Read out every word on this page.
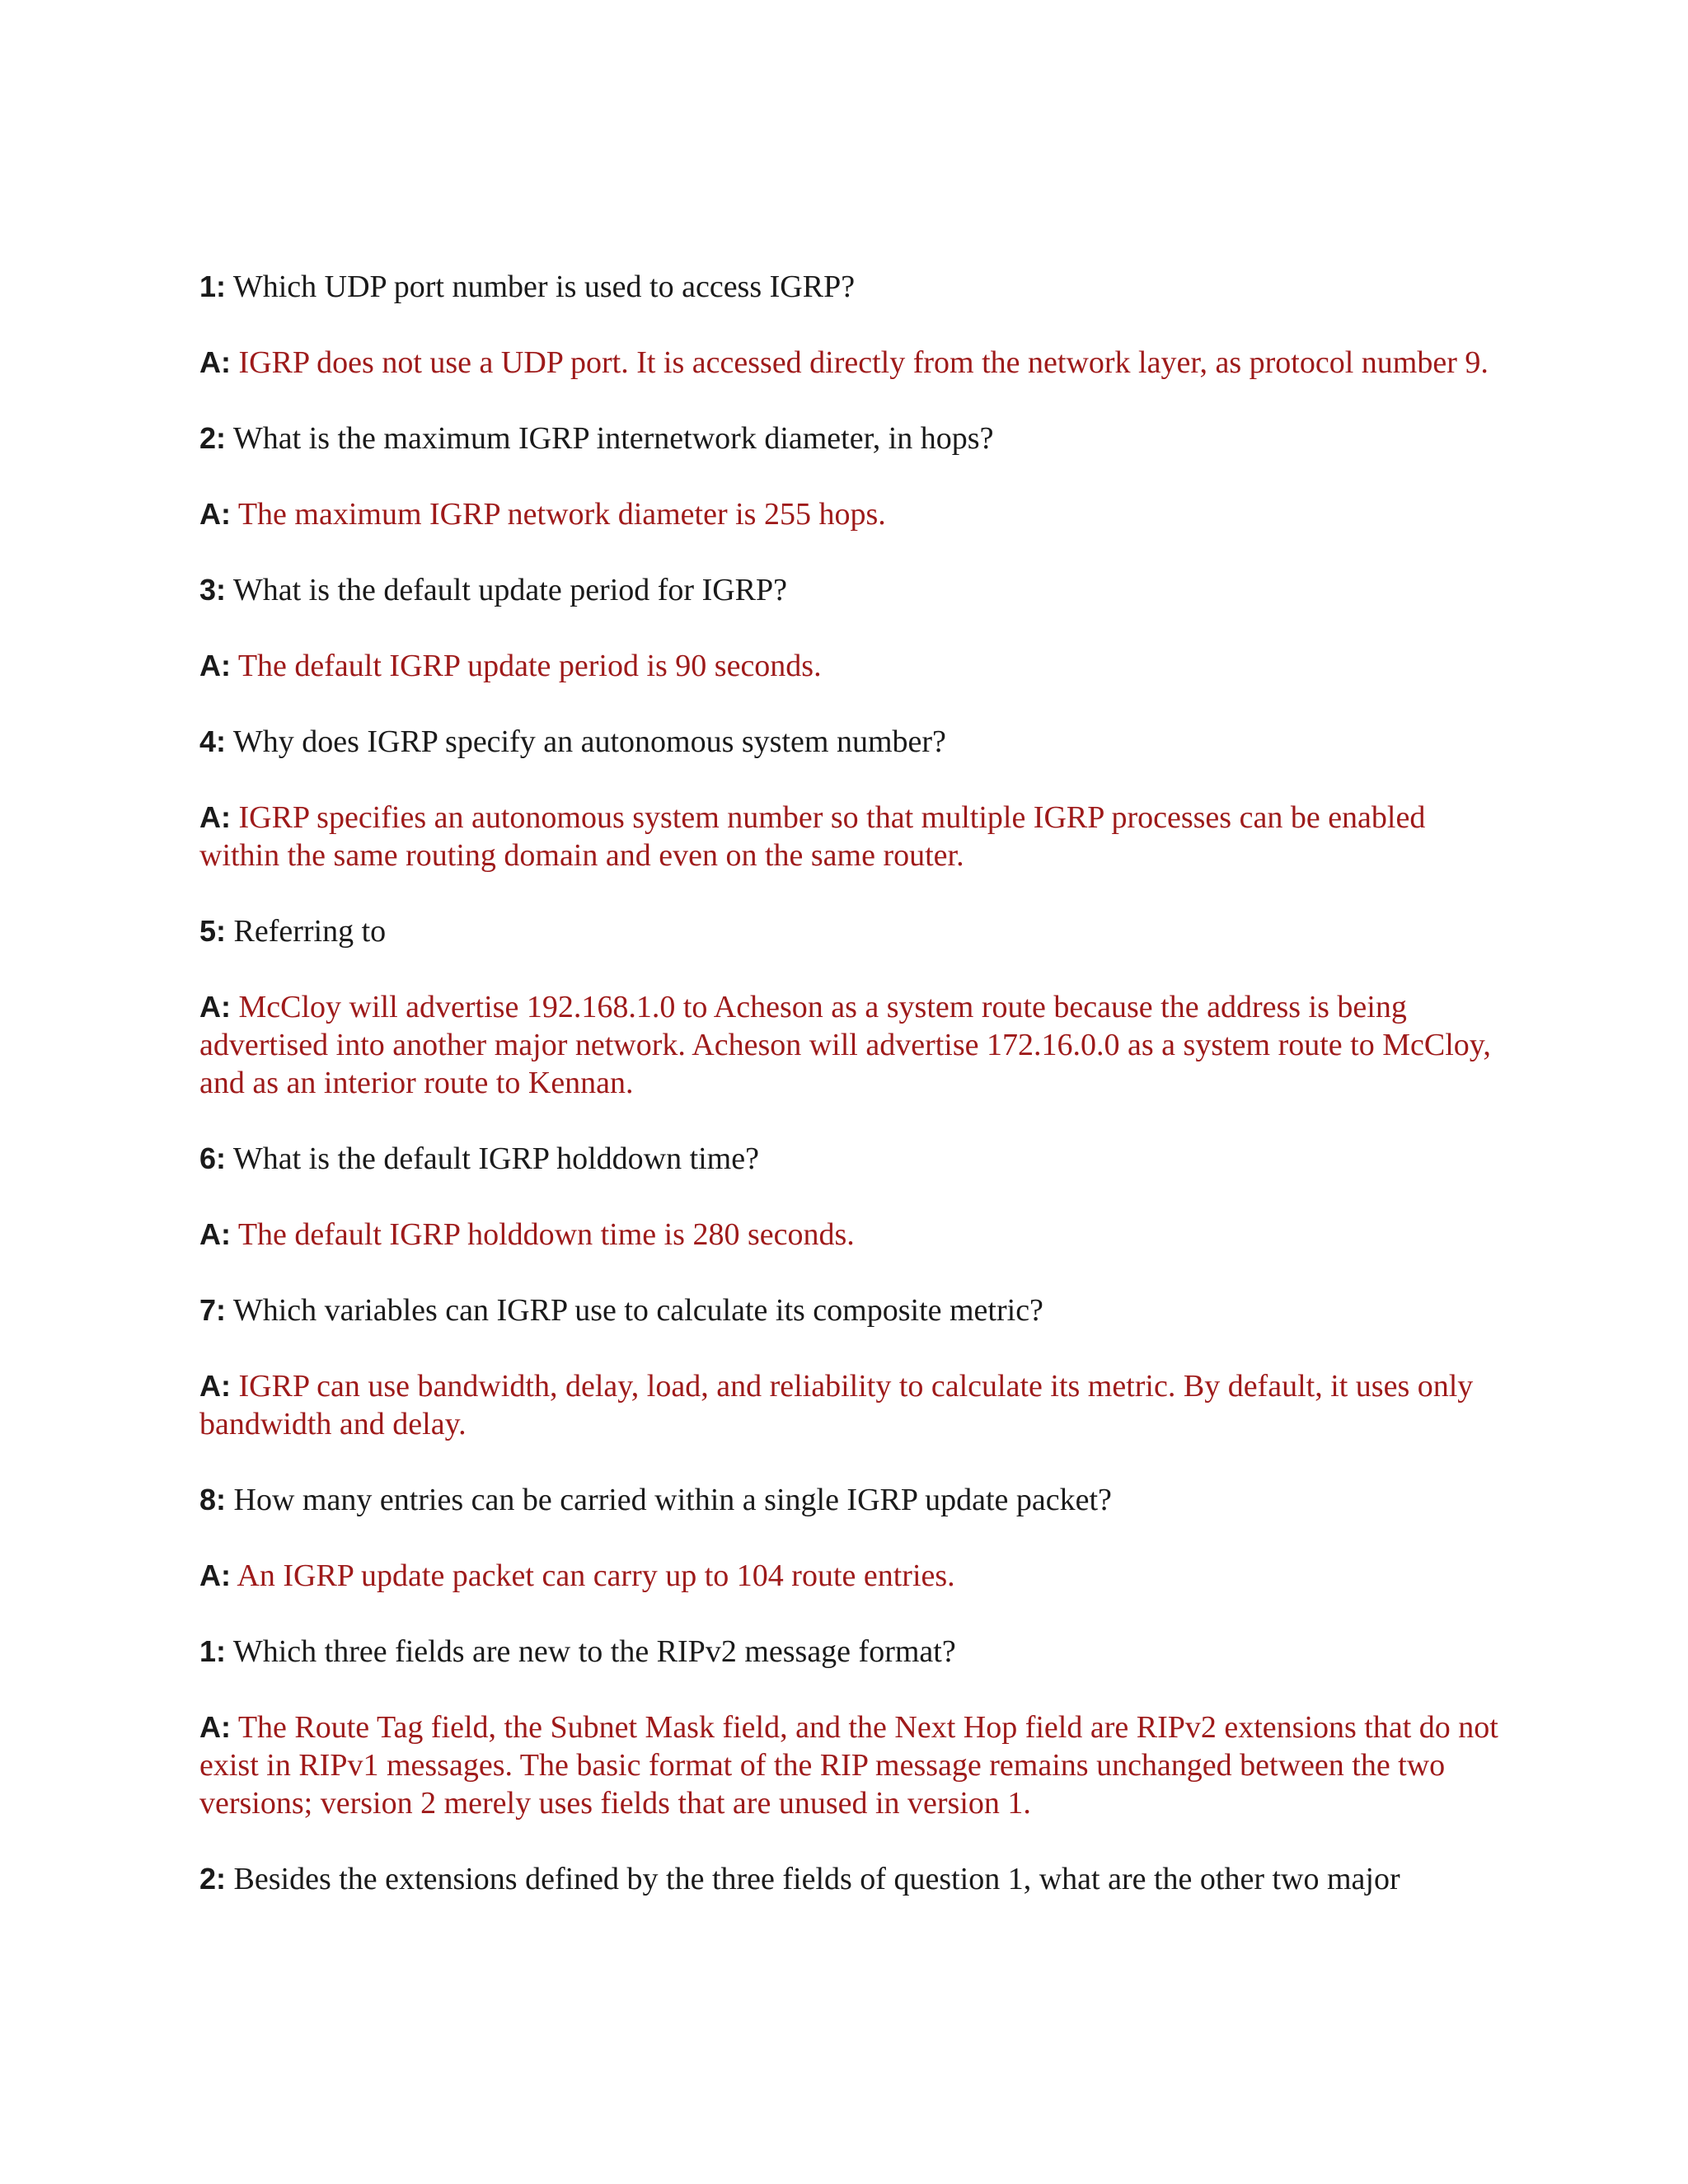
1: Which UDP port number is used to access IGRP?

A: IGRP does not use a UDP port. It is accessed directly from the network layer, as protocol number 9.

2: What is the maximum IGRP internetwork diameter, in hops?

A: The maximum IGRP network diameter is 255 hops.

3: What is the default update period for IGRP?

A: The default IGRP update period is 90 seconds.

4: Why does IGRP specify an autonomous system number?

A: IGRP specifies an autonomous system number so that multiple IGRP processes can be enabled within the same routing domain and even on the same router.

5: Referring to

A: McCloy will advertise 192.168.1.0 to Acheson as a system route because the address is being advertised into another major network. Acheson will advertise 172.16.0.0 as a system route to McCloy, and as an interior route to Kennan.

6: What is the default IGRP holddown time?

A: The default IGRP holddown time is 280 seconds.

7: Which variables can IGRP use to calculate its composite metric?

A: IGRP can use bandwidth, delay, load, and reliability to calculate its metric. By default, it uses only bandwidth and delay.

8: How many entries can be carried within a single IGRP update packet?

A: An IGRP update packet can carry up to 104 route entries.

1: Which three fields are new to the RIPv2 message format?

A: The Route Tag field, the Subnet Mask field, and the Next Hop field are RIPv2 extensions that do not exist in RIPv1 messages. The basic format of the RIP message remains unchanged between the two versions; version 2 merely uses fields that are unused in version 1.

2: Besides the extensions defined by the three fields of question 1, what are the other two major
